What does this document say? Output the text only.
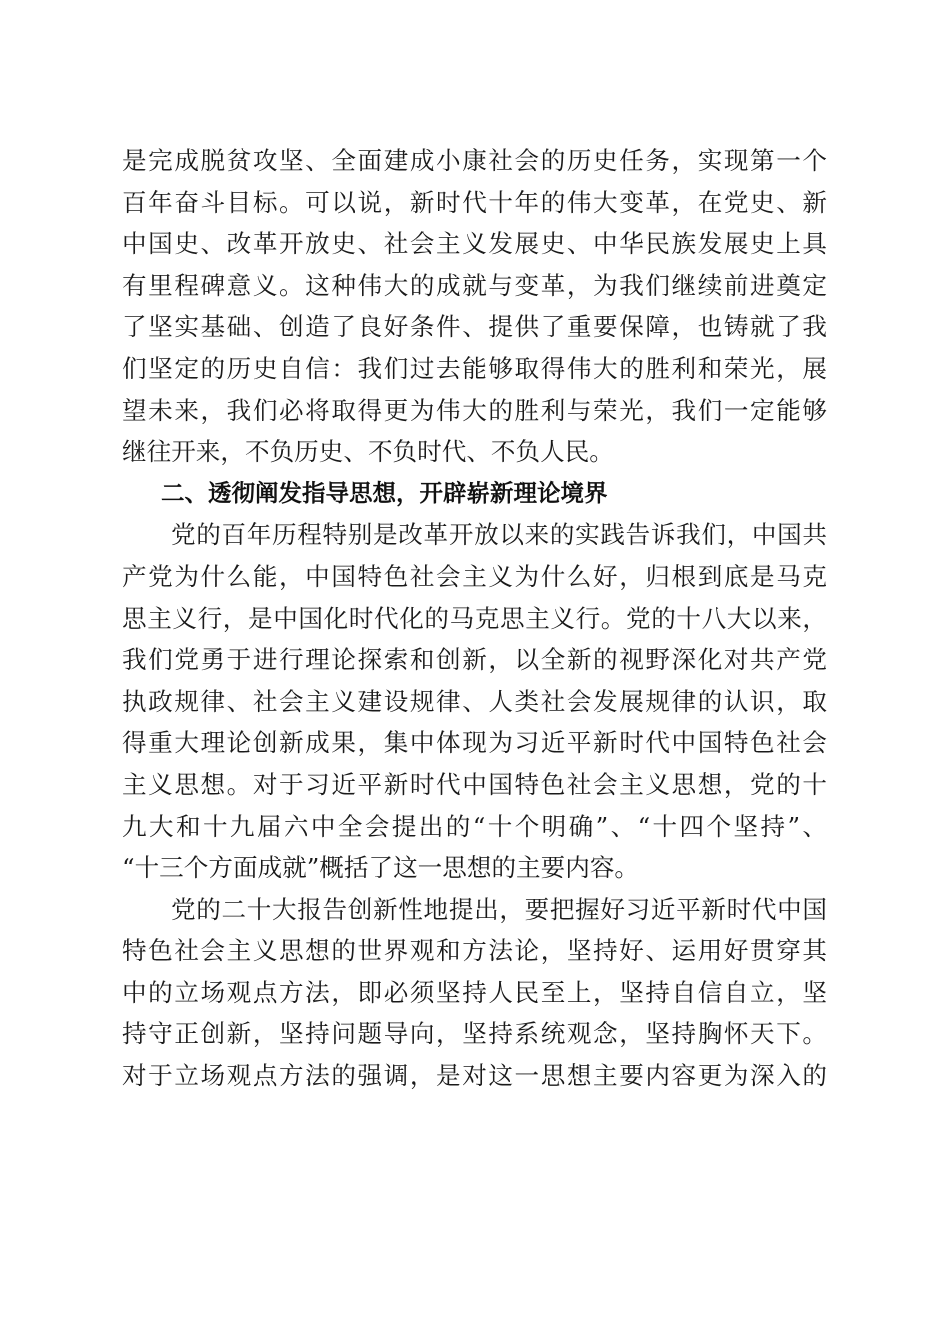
是完成脱贫攻坚、全面建成小康社会的历史任务，实现第一个
百年奋斗目标。可以说，新时代十年的伟大变革，在党史、新
中国史、改革开放史、社会主义发展史、中华民族发展史上具
有里程碑意义。这种伟大的成就与变革，为我们继续前进奠定
了坚实基础、创造了良好条件、提供了重要保障，也铸就了我
们坚定的历史自信：我们过去能够取得伟大的胜利和荣光，展
望未来，我们必将取得更为伟大的胜利与荣光，我们一定能够
继往开来，不负历史、不负时代、不负人民。
二、透彻阐发指导思想，开辟崭新理论境界
党的百年历程特别是改革开放以来的实践告诉我们，中国共
产党为什么能，中国特色社会主义为什么好，归根到底是马克
思主义行，是中国化时代化的马克思主义行。党的十八大以来，
我们党勇于进行理论探索和创新，以全新的视野深化对共产党
执政规律、社会主义建设规律、人类社会发展规律的认识，取
得重大理论创新成果，集中体现为习近平新时代中国特色社会
主义思想。对于习近平新时代中国特色社会主义思想，党的十
九大和十九届六中全会提出的“十个明确”、“十四个坚持”、
“十三个方面成就”概括了这一思想的主要内容。
党的二十大报告创新性地提出，要把握好习近平新时代中国
特色社会主义思想的世界观和方法论，坚持好、运用好贯穿其
中的立场观点方法，即必须坚持人民至上，坚持自信自立，坚
持守正创新，坚持问题导向，坚持系统观念，坚持胸怀天下。
对于立场观点方法的强调，是对这一思想主要内容更为深入的
